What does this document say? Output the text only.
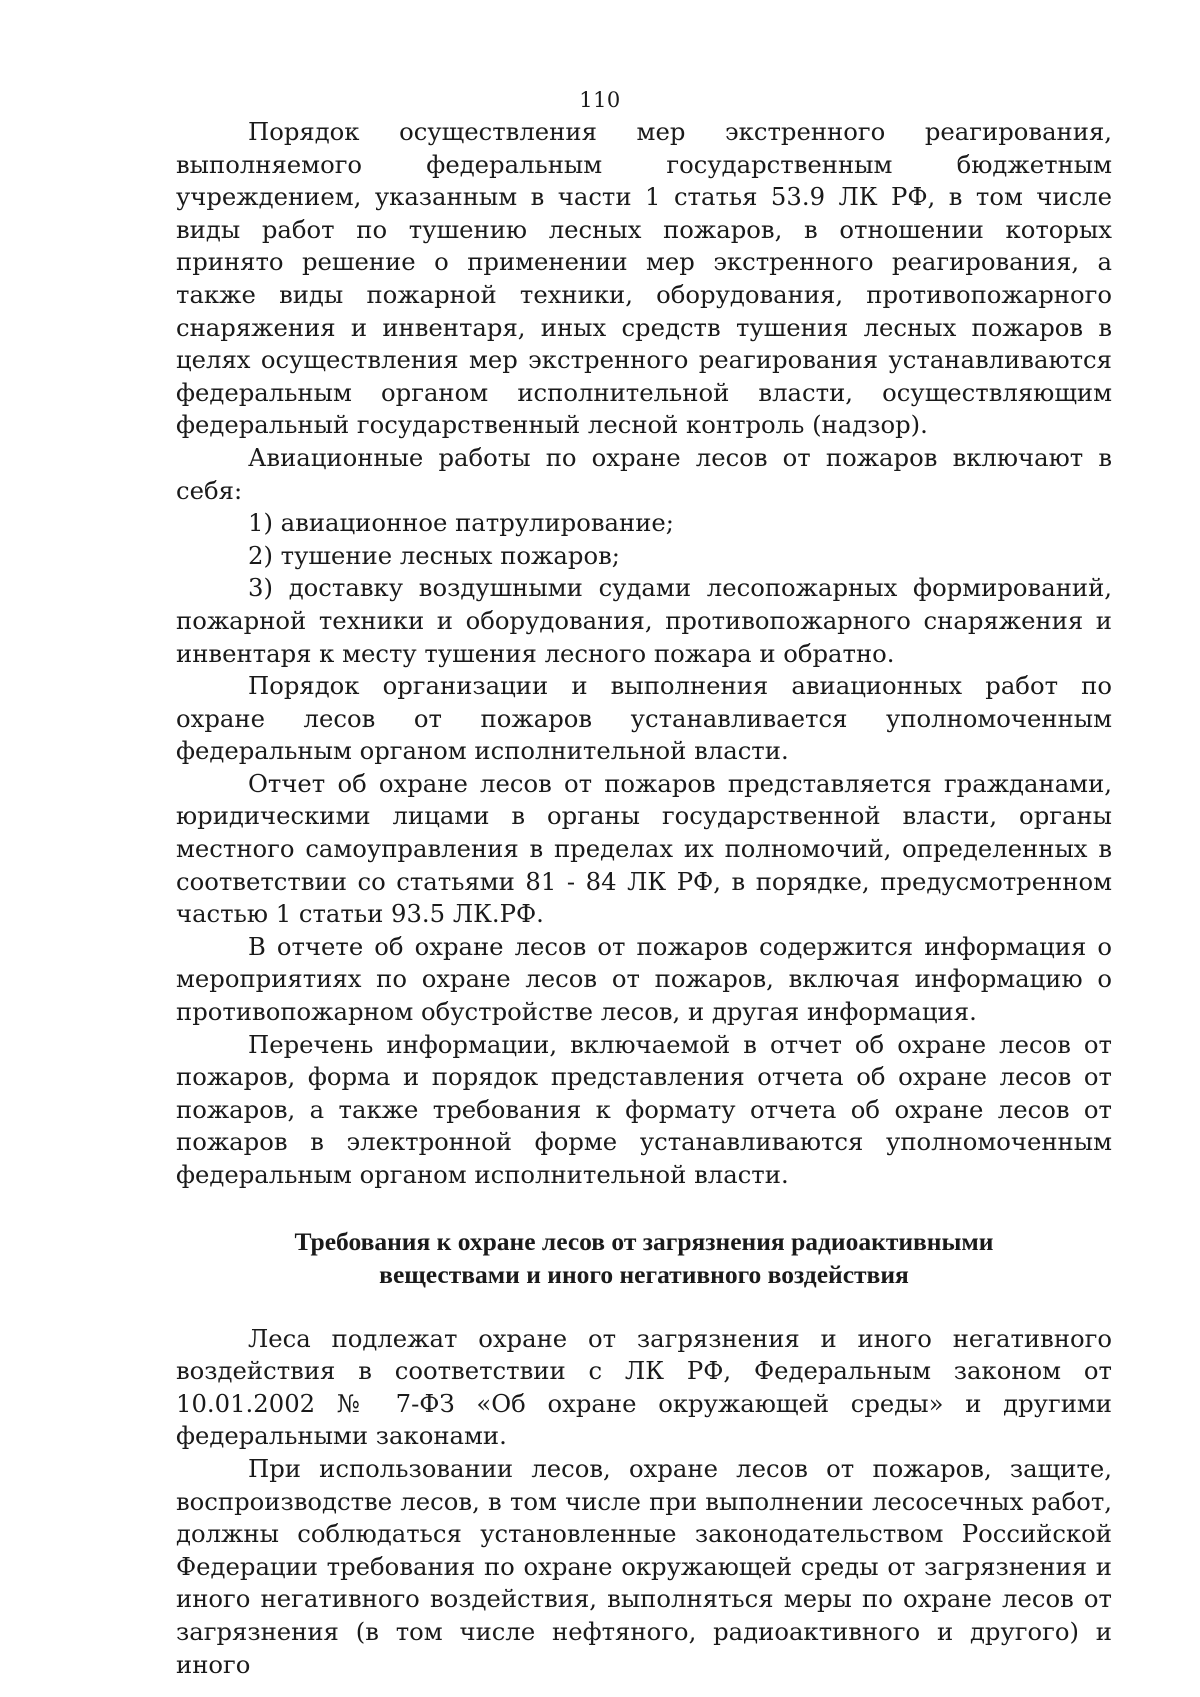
110

Порядок осуществления мер экстренного реагирования, выполняемого федеральным государственным бюджетным учреждением, указанным в части 1 статья 53.9 ЛК РФ, в том числе виды работ по тушению лесных пожаров, в отношении которых принято решение о применении мер экстренного реагирования, а также виды пожарной техники, оборудования, противопожарного снаряжения и инвентаря, иных средств тушения лесных пожаров в целях осуществления мер экстренного реагирования устанавливаются федеральным органом исполнительной власти, осуществляющим федеральный государственный лесной контроль (надзор).

Авиационные работы по охране лесов от пожаров включают в себя:

1) авиационное патрулирование;

2) тушение лесных пожаров;

3) доставку воздушными судами лесопожарных формирований, пожарной техники и оборудования, противопожарного снаряжения и инвентаря к месту тушения лесного пожара и обратно.

Порядок организации и выполнения авиационных работ по охране лесов от пожаров устанавливается уполномоченным федеральным органом исполнительной власти.

Отчет об охране лесов от пожаров представляется гражданами, юридическими лицами в органы государственной власти, органы местного самоуправления в пределах их полномочий, определенных в соответствии со статьями 81 - 84 ЛК РФ, в порядке, предусмотренном частью 1 статьи 93.5 ЛК.РФ.

В отчете об охране лесов от пожаров содержится информация о мероприятиях по охране лесов от пожаров, включая информацию о противопожарном обустройстве лесов, и другая информация.

Перечень информации, включаемой в отчет об охране лесов от пожаров, форма и порядок представления отчета об охране лесов от пожаров, а также требования к формату отчета об охране лесов от пожаров в электронной форме устанавливаются уполномоченным федеральным органом исполнительной власти.

Требования к охране лесов от загрязнения радиоактивными
веществами и иного негативного воздействия

Леса подлежат охране от загрязнения и иного негативного воздействия в соответствии с ЛК РФ, Федеральным законом от 10.01.2002 № 7-ФЗ «Об охране окружающей среды» и другими федеральными законами.

При использовании лесов, охране лесов от пожаров, защите, воспроизводстве лесов, в том числе при выполнении лесосечных работ, должны соблюдаться установленные законодательством Российской Федерации требования по охране окружающей среды от загрязнения и иного негативного воздействия, выполняться меры по охране лесов от загрязнения (в том числе нефтяного, радиоактивного и другого) и иного
